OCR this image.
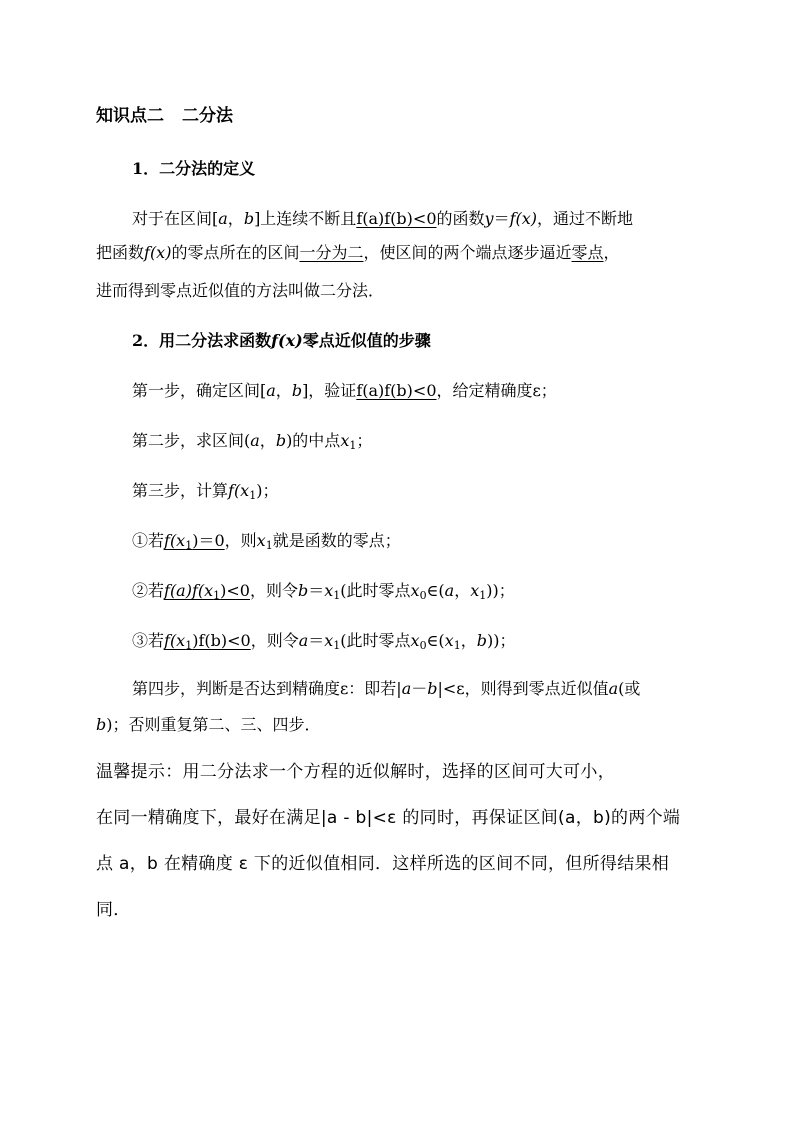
知识点二 二分法
1．二分法的定义
对于在区间[a，b]上连续不断且f(a)f(b)<0的函数y＝f(x)，通过不断地
把函数f(x)的零点所在的区间一分为二，使区间的两个端点逐步逼近零点，
进而得到零点近似值的方法叫做二分法．
2．用二分法求函数f(x)零点近似值的步骤
第一步，确定区间[a，b]，验证f(a)f(b)<0，给定精确度ε；
第二步，求区间(a，b)的中点$x_1$；
第三步，计算$f(x_1)$；
①若$f(x_1)=0$，则$x_1$就是函数的零点；
②若$f(a)f(x_1)<0$，则令$b=x_1$(此时零点$x_0\in(a$，$x_1$))；
③若$f(x_1)f(b)<0$，则令$a=x_1$(此时零点$x_0\in(x_1$，b))；
第四步，判断是否达到精确度ε：即若|a－b|<ε，则得到零点近似值a(或
b)；否则重复第二、三、四步．
温馨提示：用二分法求一个方程的近似解时，选择的区间可大可小，
在同一精确度下，最好在满足|a - b|<ε 的同时，再保证区间(a，b)的两个端
点 a，b 在精确度 ε 下的近似值相同．这样所选的区间不同，但所得结果相
同．
